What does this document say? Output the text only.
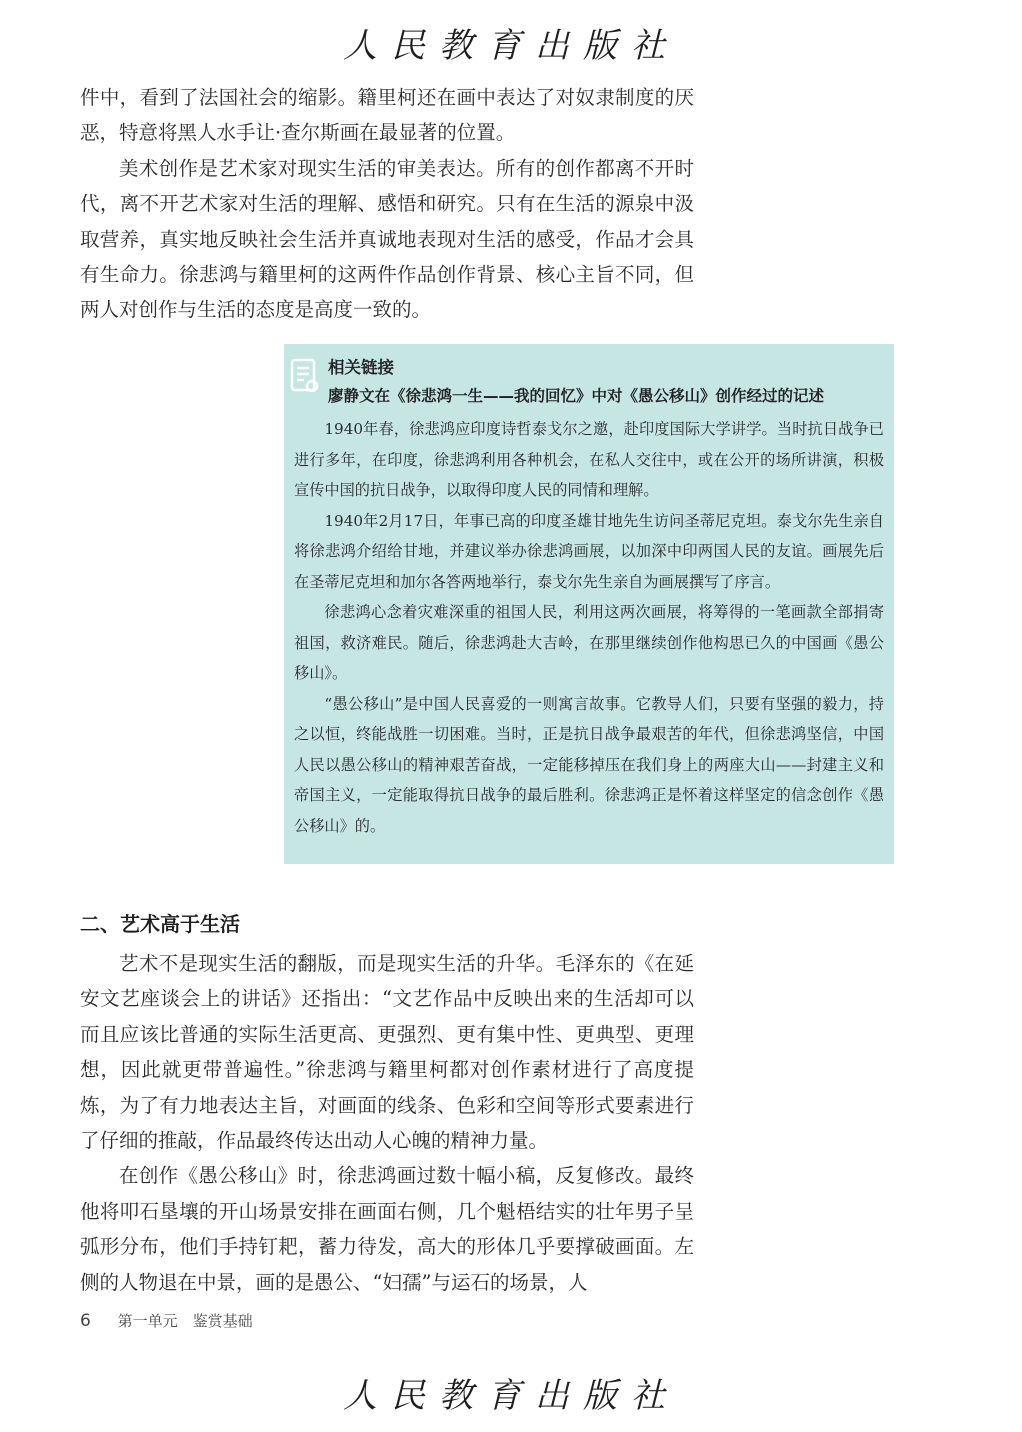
人民教育出版社

件中，看到了法国社会的缩影。籍里柯还在画中表达了对奴隶制度的厌恶，特意将黑人水手让·查尔斯画在最显著的位置。

美术创作是艺术家对现实生活的审美表达。所有的创作都离不开时代，离不开艺术家对生活的理解、感悟和研究。只有在生活的源泉中汲取营养，真实地反映社会生活并真诚地表现对生活的感受，作品才会具有生命力。徐悲鸿与籍里柯的这两件作品创作背景、核心主旨不同，但两人对创作与生活的态度是高度一致的。

相关链接
廖静文在《徐悲鸿一生——我的回忆》中对《愚公移山》创作经过的记述

1940年春，徐悲鸿应印度诗哲泰戈尔之邀，赴印度国际大学讲学。当时抗日战争已进行多年，在印度，徐悲鸿利用各种机会，在私人交往中，或在公开的场所讲演，积极宣传中国的抗日战争，以取得印度人民的同情和理解。

1940年2月17日，年事已高的印度圣雄甘地先生访问圣蒂尼克坦。泰戈尔先生亲自将徐悲鸿介绍给甘地，并建议举办徐悲鸿画展，以加深中印两国人民的友谊。画展先后在圣蒂尼克坦和加尔各答两地举行，泰戈尔先生亲自为画展撰写了序言。

徐悲鸿心念着灾难深重的祖国人民，利用这两次画展，将筹得的一笔画款全部捐寄祖国，救济难民。随后，徐悲鸿赴大吉岭，在那里继续创作他构思已久的中国画《愚公移山》。

“愚公移山”是中国人民喜爱的一则寓言故事。它教导人们，只要有坚强的毅力，持之以恒，终能战胜一切困难。当时，正是抗日战争最艰苦的年代，但徐悲鸿坚信，中国人民以愚公移山的精神艰苦奋战，一定能移掉压在我们身上的两座大山——封建主义和帝国主义，一定能取得抗日战争的最后胜利。徐悲鸿正是怀着这样坚定的信念创作《愚公移山》的。

二、艺术高于生活

艺术不是现实生活的翻版，而是现实生活的升华。毛泽东的《在延安文艺座谈会上的讲话》还指出：“文艺作品中反映出来的生活却可以而且应该比普通的实际生活更高、更强烈、更有集中性、更典型、更理想，因此就更带普遍性。”徐悲鸿与籍里柯都对创作素材进行了高度提炼，为了有力地表达主旨，对画面的线条、色彩和空间等形式要素进行了仔细的推敲，作品最终传达出动人心魄的精神力量。

在创作《愚公移山》时，徐悲鸿画过数十幅小稿，反复修改。最终他将叩石垦壤的开山场景安排在画面右侧，几个魁梧结实的壮年男子呈弧形分布，他们手持钉耙，蓄力待发，高大的形体几乎要撑破画面。左侧的人物退在中景，画的是愚公、“妇孺”与运石的场景，人

6 第一单元　鉴赏基础
人民教育出版社
